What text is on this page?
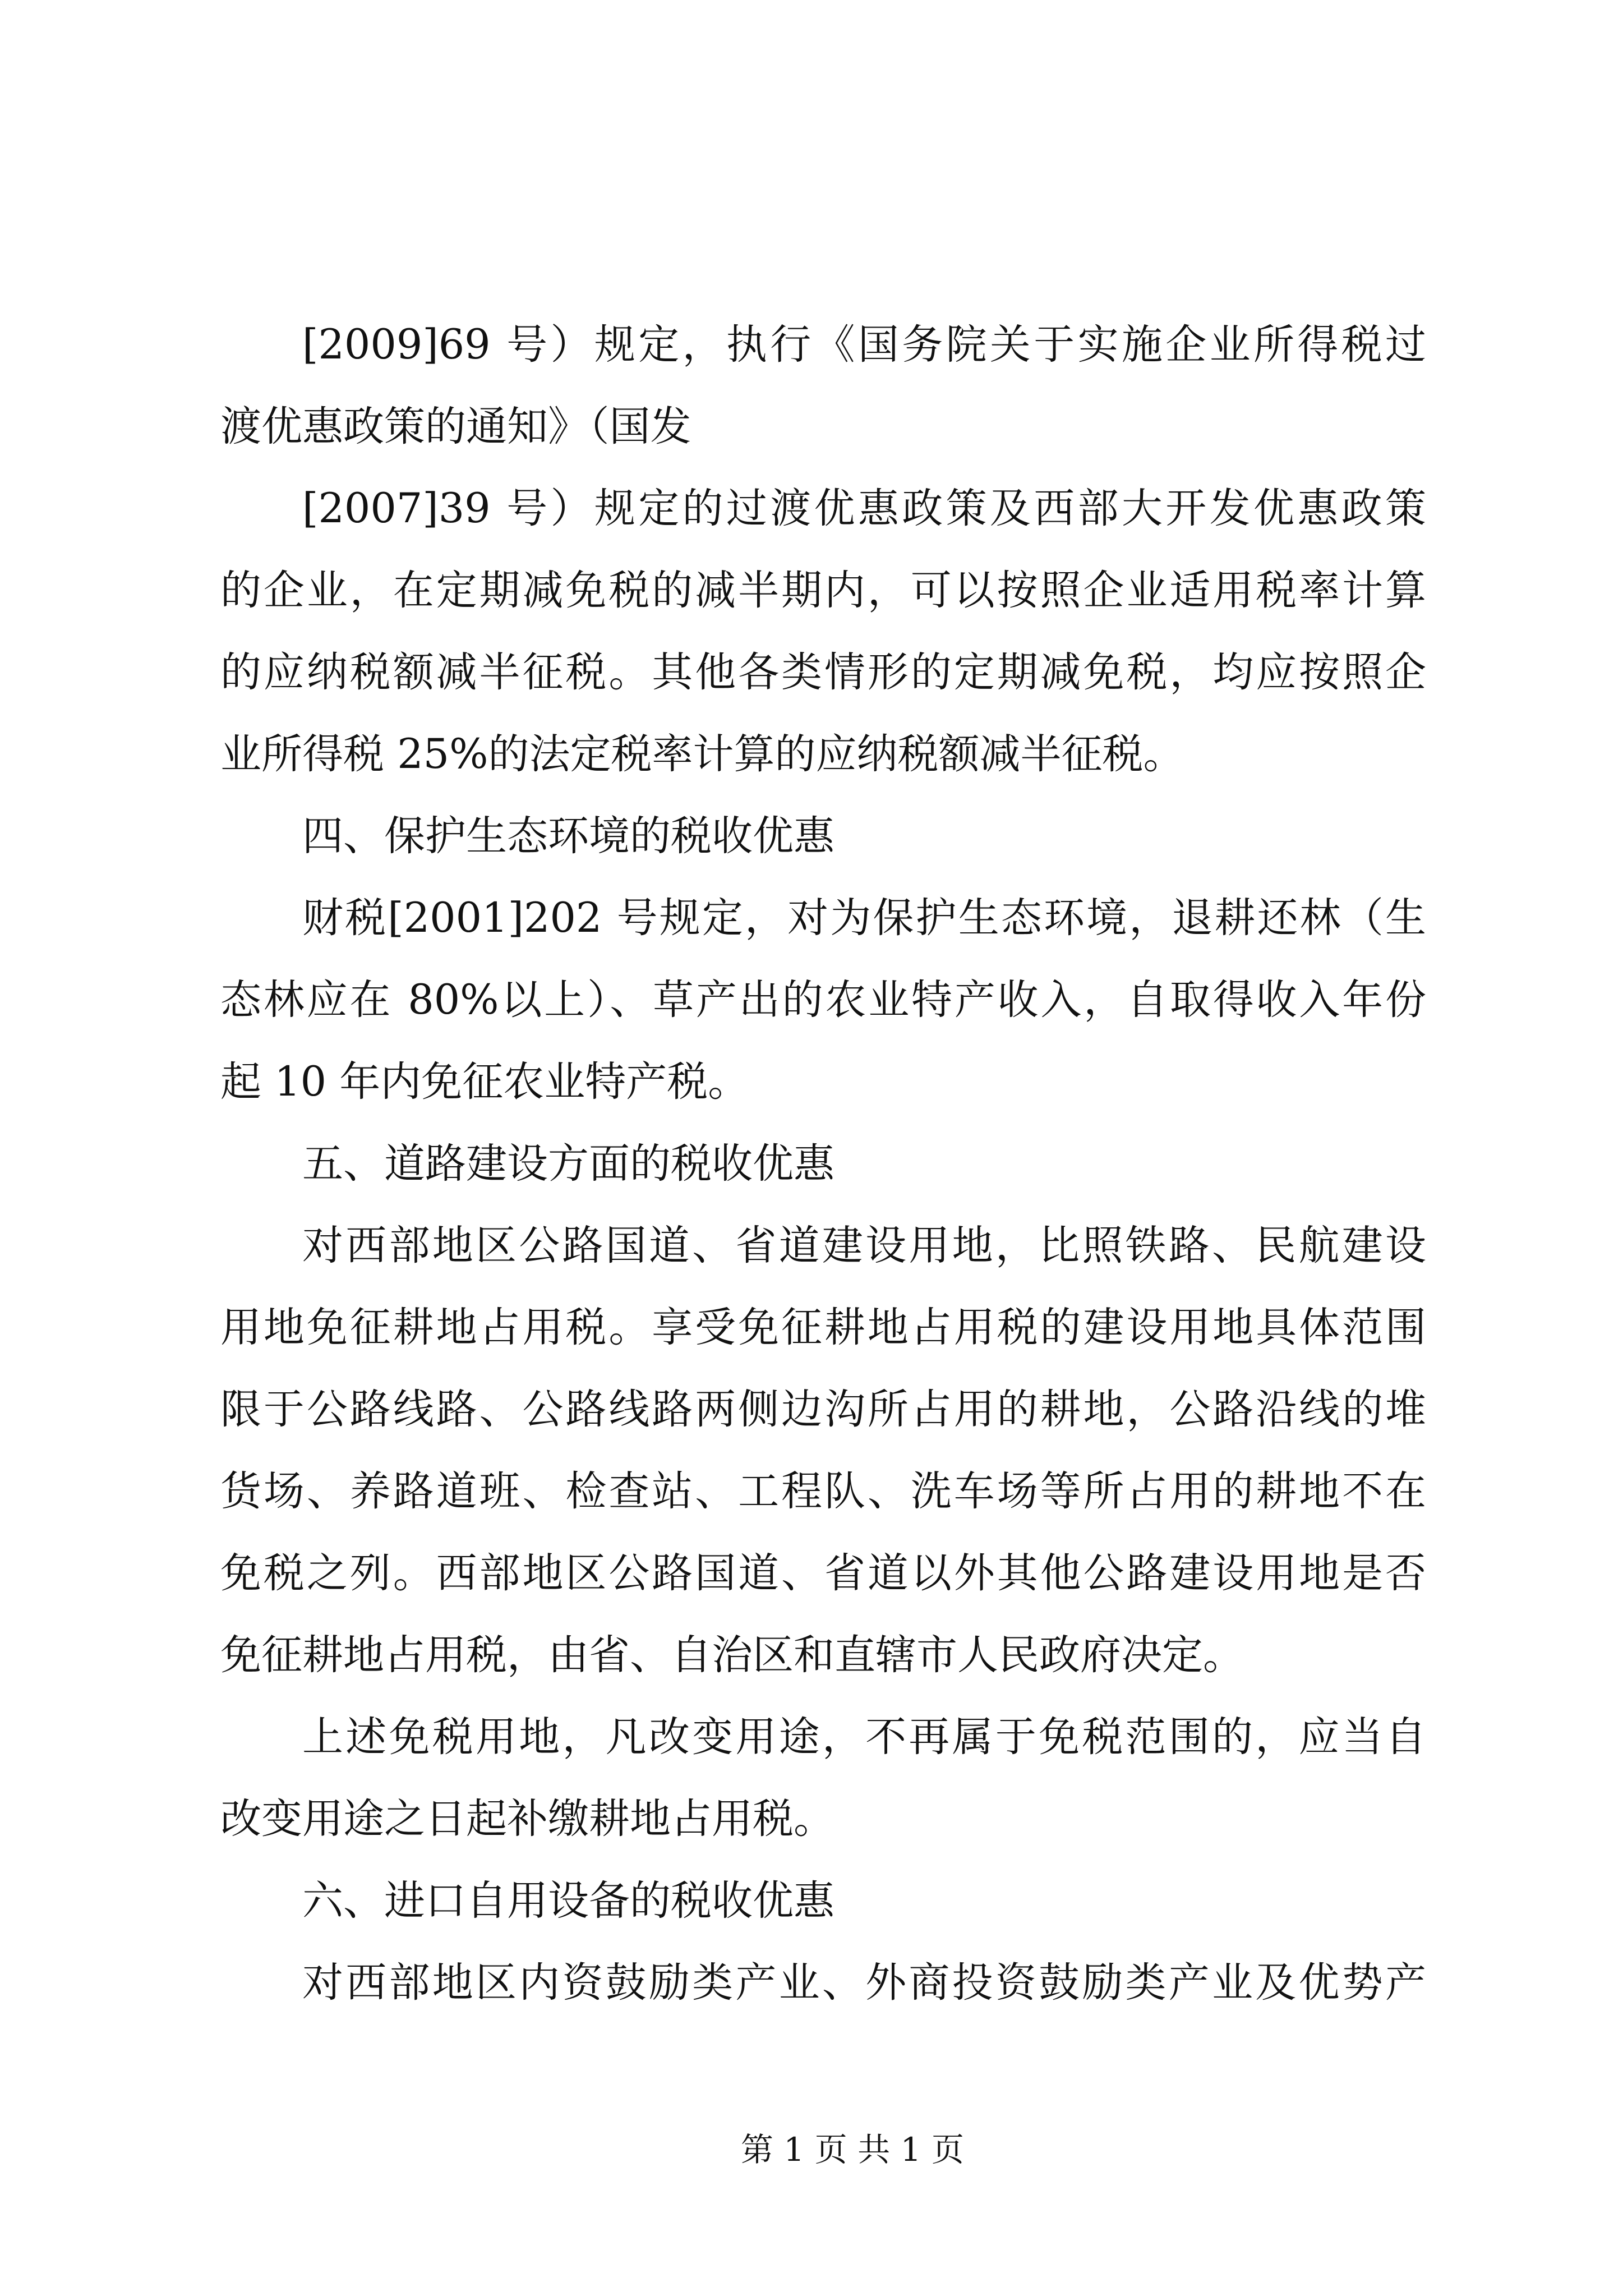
[2009]69 号）规定，执行《国务院关于实施企业所得税过
渡优惠政策的通知》（国发
[2007]39 号）规定的过渡优惠政策及西部大开发优惠政策
的企业，在定期减免税的减半期内，可以按照企业适用税率计算
的应纳税额减半征税。其他各类情形的定期减免税，均应按照企
业所得税 25%的法定税率计算的应纳税额减半征税。
四、保护生态环境的税收优惠
财税[2001]202 号规定，对为保护生态环境，退耕还林（生
态林应在 80%以上）、草产出的农业特产收入，自取得收入年份
起 10 年内免征农业特产税。
五、道路建设方面的税收优惠
对西部地区公路国道、省道建设用地，比照铁路、民航建设
用地免征耕地占用税。享受免征耕地占用税的建设用地具体范围
限于公路线路、公路线路两侧边沟所占用的耕地，公路沿线的堆
货场、养路道班、检查站、工程队、洗车场等所占用的耕地不在
免税之列。西部地区公路国道、省道以外其他公路建设用地是否
免征耕地占用税，由省、自治区和直辖市人民政府决定。
上述免税用地，凡改变用途，不再属于免税范围的，应当自
改变用途之日起补缴耕地占用税。
六、进口自用设备的税收优惠
对西部地区内资鼓励类产业、外商投资鼓励类产业及优势产
第 1 页 共 1 页
